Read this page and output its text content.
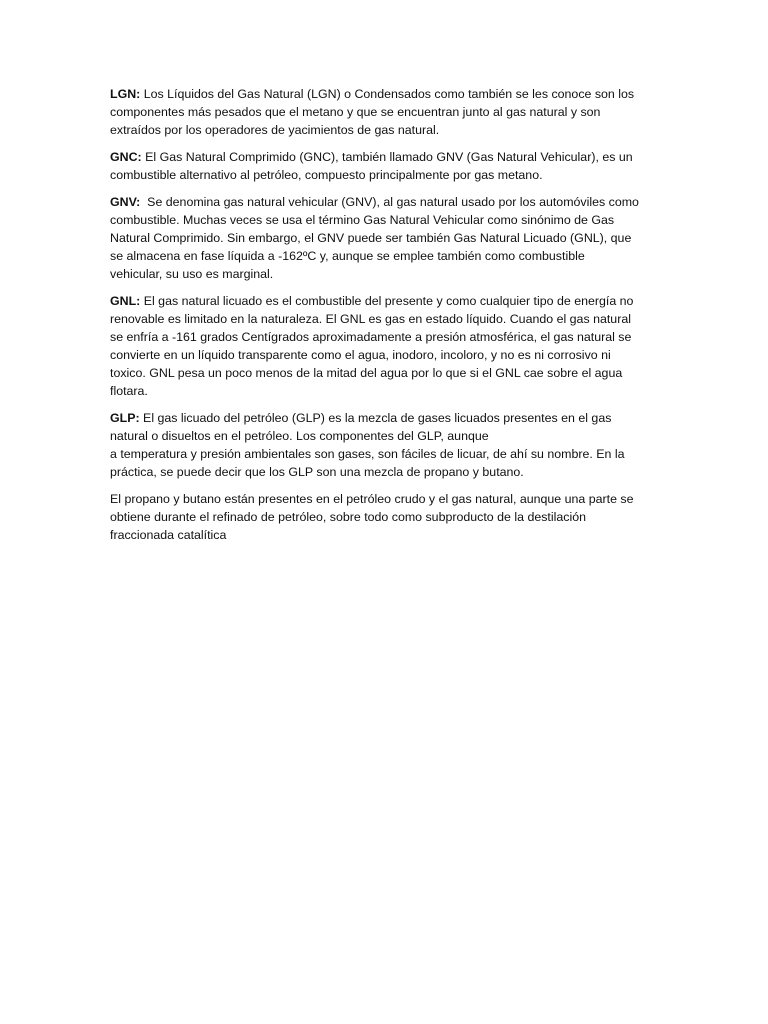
LGN: Los Líquidos del Gas Natural (LGN) o Condensados como también se les conoce son los
componentes más pesados que el metano y que se encuentran junto al gas natural y son
extraídos por los operadores de yacimientos de gas natural.

GNC: El Gas Natural Comprimido (GNC), también llamado GNV (Gas Natural Vehicular), es un
combustible alternativo al petróleo, compuesto principalmente por gas metano.

GNV:  Se denomina gas natural vehicular (GNV), al gas natural usado por los automóviles como
combustible. Muchas veces se usa el término Gas Natural Vehicular como sinónimo de Gas
Natural Comprimido. Sin embargo, el GNV puede ser también Gas Natural Licuado (GNL), que
se almacena en fase líquida a -162ºC y, aunque se emplee también como combustible
vehicular, su uso es marginal.

GNL: El gas natural licuado es el combustible del presente y como cualquier tipo de energía no
renovable es limitado en la naturaleza. El GNL es gas en estado líquido. Cuando el gas natural
se enfría a -161 grados Centígrados aproximadamente a presión atmosférica, el gas natural se
convierte en un líquido transparente como el agua, inodoro, incoloro, y no es ni corrosivo ni
toxico. GNL pesa un poco menos de la mitad del agua por lo que si el GNL cae sobre el agua
flotara.

GLP: El gas licuado del petróleo (GLP) es la mezcla de gases licuados presentes en el gas
natural o disueltos en el petróleo. Los componentes del GLP, aunque
a temperatura y presión ambientales son gases, son fáciles de licuar, de ahí su nombre. En la
práctica, se puede decir que los GLP son una mezcla de propano y butano.

El propano y butano están presentes en el petróleo crudo y el gas natural, aunque una parte se
obtiene durante el refinado de petróleo, sobre todo como subproducto de la destilación
fraccionada catalítica
